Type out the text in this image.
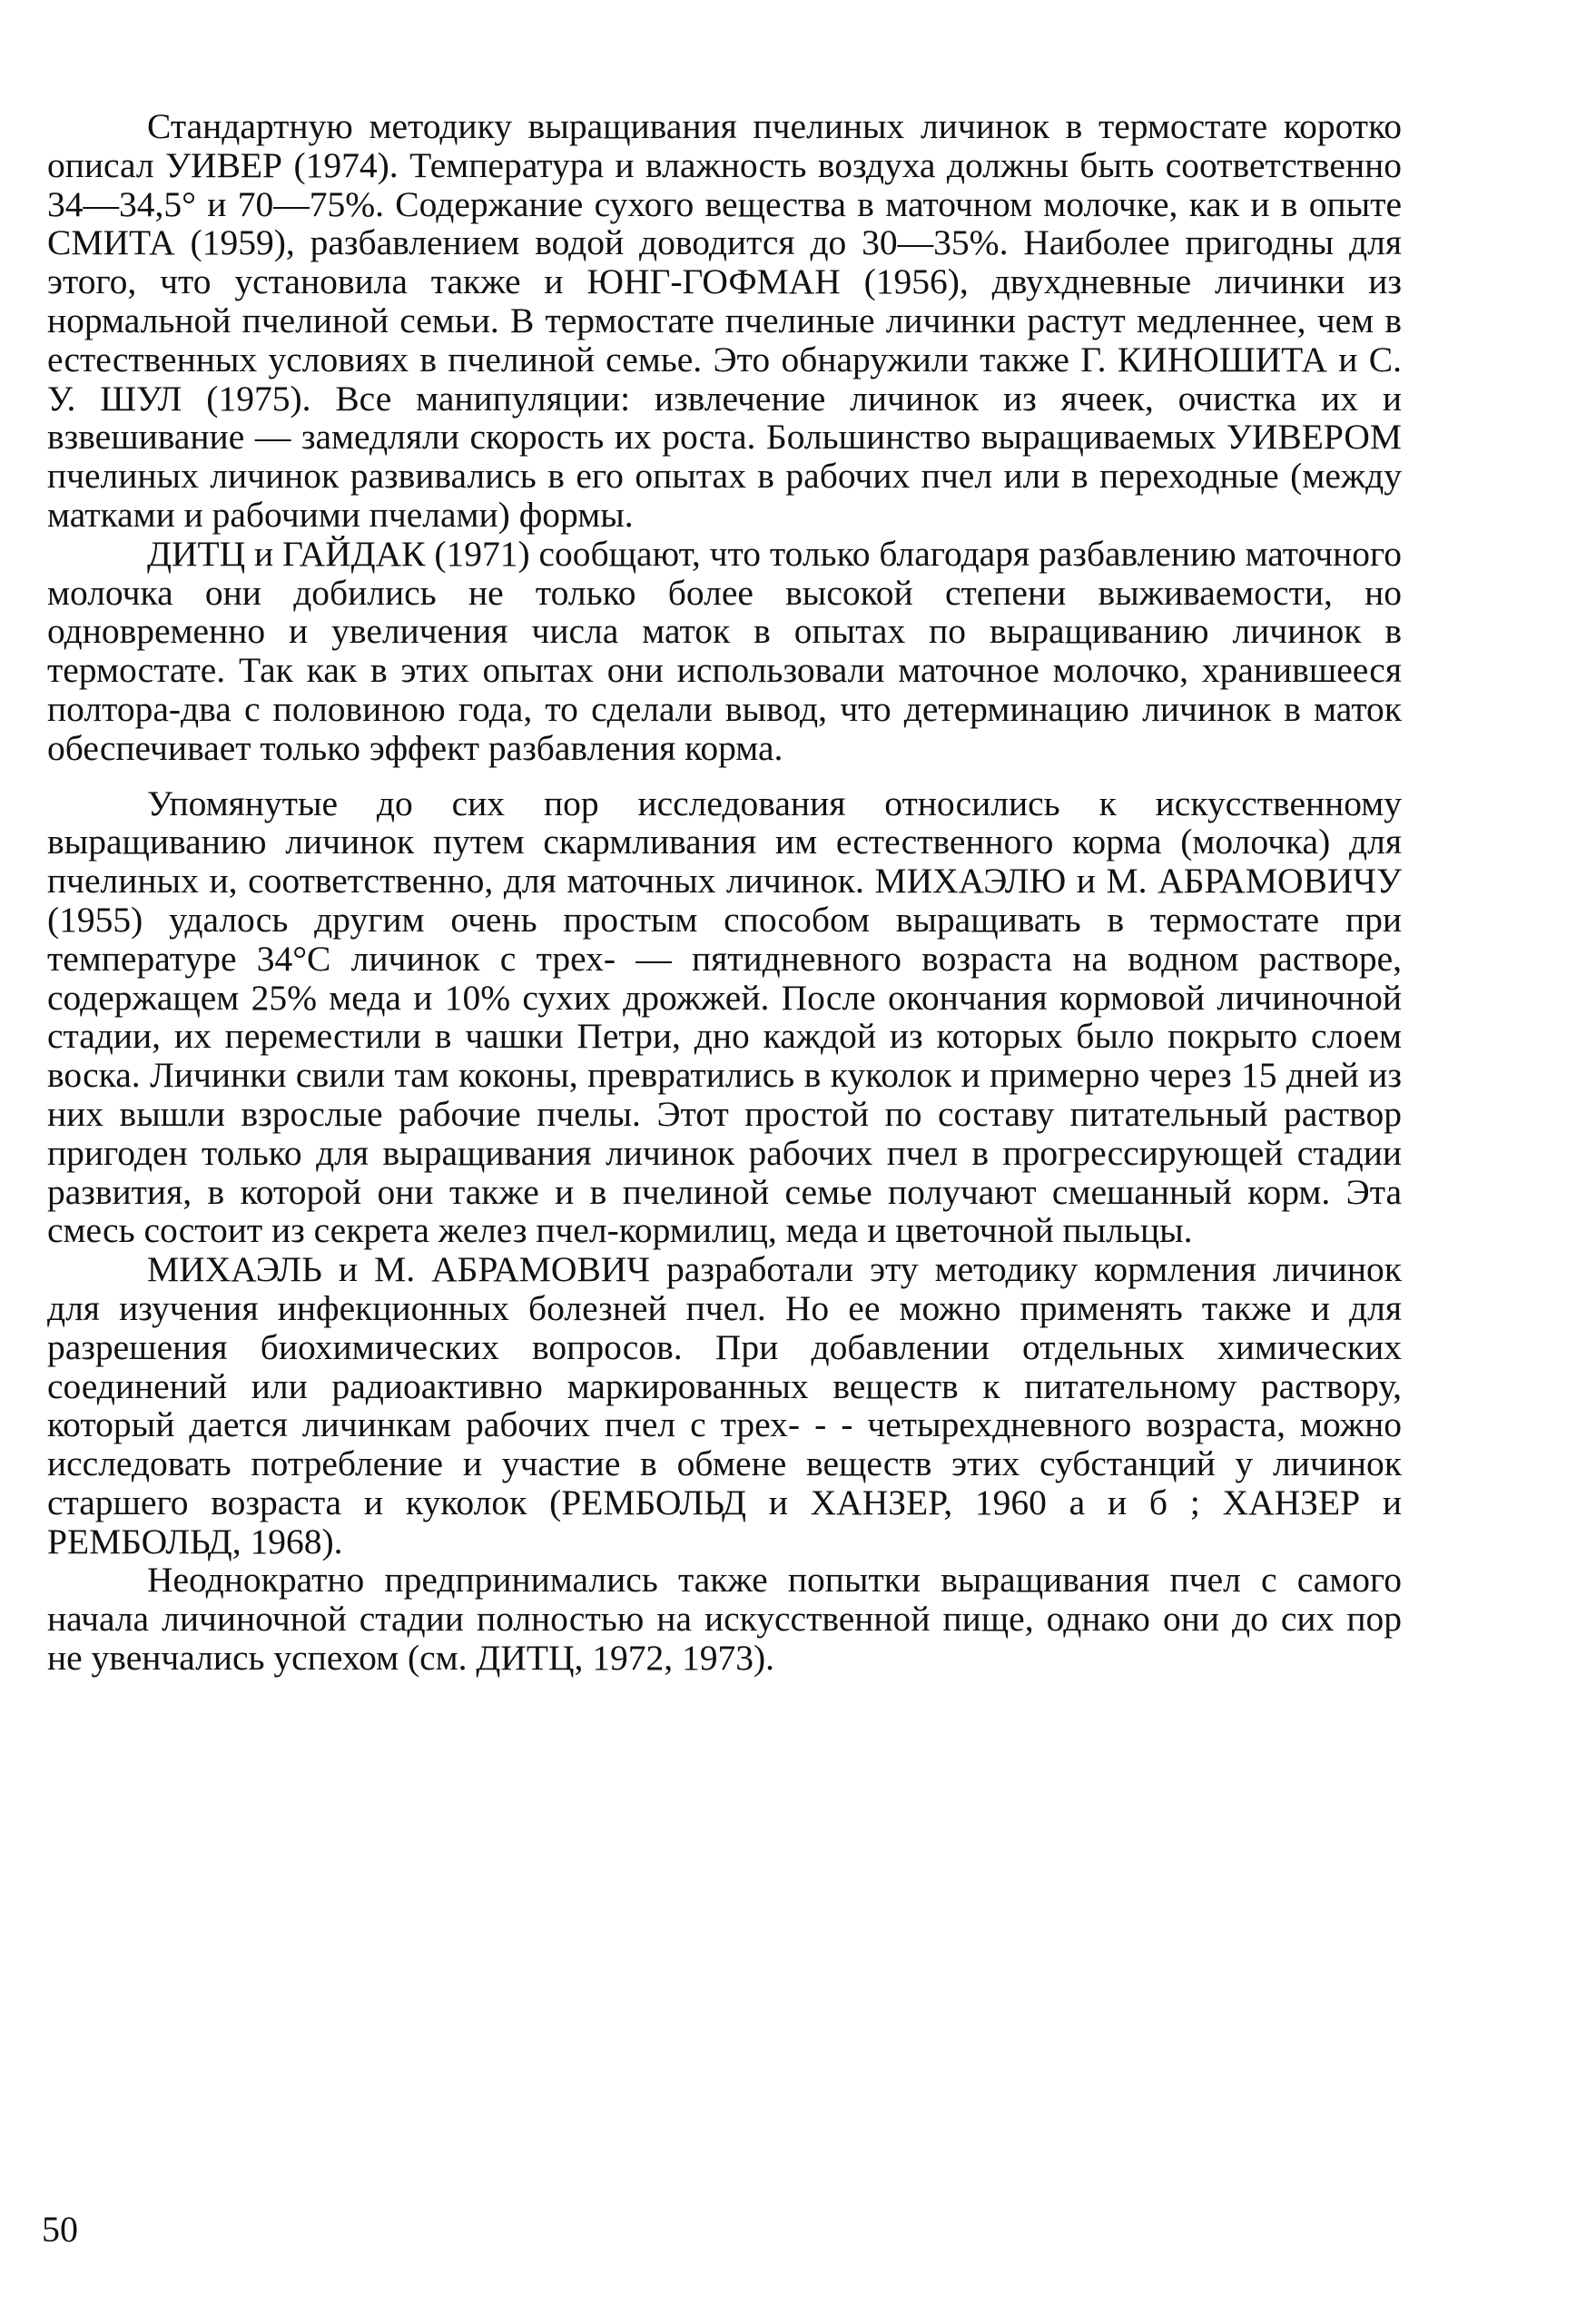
Стандартную методику выращивания пчелиных личинок в термостате коротко описал УИВЕР (1974). Температура и влажность воздуха должны быть соответственно 34—34,5° и 70—75%. Содержание сухого вещества в маточном молочке, как и в опыте СМИТА (1959), разбавлением водой доводится до 30—35%. Наиболее пригодны для этого, что установила также и ЮНГ-ГОФМАН (1956), двухдневные личинки из нормальной пчелиной семьи. В термостате пчелиные личинки растут медленнее, чем в естественных условиях в пчелиной семье. Это обнаружили также Г. КИНОШИТА и С. У. ШУЛ (1975). Все манипуляции: извлечение личинок из ячеек, очистка их и взвешивание — замедляли скорость их роста. Большинство выращиваемых УИВЕРОМ пчелиных личинок развивались в его опытах в рабочих пчел или в переходные (между матками и рабочими пчелами) формы.

ДИТЦ и ГАЙДАК (1971) сообщают, что только благодаря разбавлению маточного молочка они добились не только более высокой степени выживаемости, но одновременно и увеличения числа маток в опытах по выращиванию личинок в термостате. Так как в этих опытах они использовали маточное молочко, хранившееся полтора-два с половиною года, то сделали вывод, что детерминацию личинок в маток обеспечивает только эффект разбавления корма.

Упомянутые до сих пор исследования относились к искусственному выращиванию личинок путем скармливания им естественного корма (молочка) для пчелиных и, соответственно, для маточных личинок. МИХАЭЛЮ и М. АБРАМОВИЧУ (1955) удалось другим очень простым способом выращивать в термостате при температуре 34°С личинок с трех- — пятидневного возраста на водном растворе, содержащем 25% меда и 10% сухих дрожжей. После окончания кормовой личиночной стадии, их переместили в чашки Петри, дно каждой из которых было покрыто слоем воска. Личинки свили там коконы, превратились в куколок и примерно через 15 дней из них вышли взрослые рабочие пчелы. Этот простой по составу питательный раствор пригоден только для выращивания личинок рабочих пчел в прогрессирующей стадии развития, в которой они также и в пчелиной семье получают смешанный корм. Эта смесь состоит из секрета желез пчел-кормилиц, меда и цветочной пыльцы.

МИХАЭЛЬ и М. АБРАМОВИЧ разработали эту методику кормления личинок для изучения инфекционных болезней пчел. Но ее можно применять также и для разрешения биохимических вопросов. При добавлении отдельных химических соединений или радиоактивно маркированных веществ к питательному раствору, который дается личинкам рабочих пчел с трех- - - четырехдневного возраста, можно исследовать потребление и участие в обмене веществ этих субстанций у личинок старшего возраста и куколок (РЕМБОЛЬД и ХАНЗЕР, 1960 а и б ; ХАНЗЕР и РЕМБОЛЬД, 1968).

Неоднократно предпринимались также попытки выращивания пчел с самого начала личиночной стадии полностью на искусственной пище, однако они до сих пор не увенчались успехом (см. ДИТЦ, 1972, 1973).

50
